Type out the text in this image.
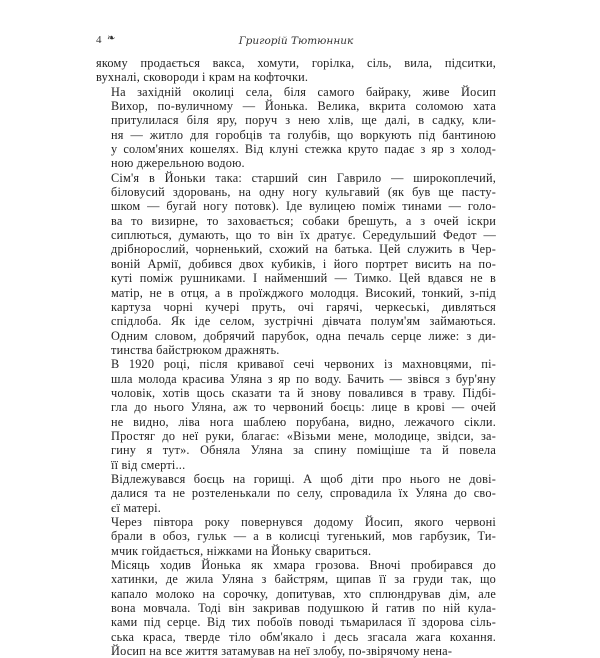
4 ❧	Григорій Тютюнник

якому продається вакса, хомути, горілка, сіль, вила, підситки,
вухналі, сковороди і крам на кофточки.

На західній околиці села, біля самого байраку, живе Йосип
Вихор, по-вуличному — Йонька. Велика, вкрита соломою хата
притулилася біля яру, поруч з нею хлів, ще далі, в садку, кли-
ня — житло для горобців та голубів, що воркують під бантиною
у солом'яних кошелях. Від клуні стежка круто падає з яр з холод-
ною джерельною водою.

Сім'я в Йоньки така: старший син Гаврило — широкоплечий,
біловусий здоровань, на одну ногу кульгавий (як був ще пасту-
шком — бугай ногу потовк). Іде вулицею поміж тинами — голо-
ва то визирне, то заховається; собаки брешуть, а з очей іскри
сиплються, думають, що то він їх дратує. Середульший Федот —
дрібнорослий, чорненький, схожий на батька. Цей служить в Чер-
воній Армії, добився двох кубиків, і його портрет висить на по-
куті поміж рушниками. І найменший — Тимко. Цей вдався не в
матір, не в отця, а в проїжджого молодця. Високий, тонкий, з-під
картуза чорні кучері пруть, очі гарячі, черкеські, дивляться
спідлоба. Як іде селом, зустрічні дівчата полум'ям займаються.
Одним словом, добрячий парубок, одна печаль серце лиже: з ди-
тинства байстрюком дражнять.

В 1920 році, після кривавої сечі червоних із махновцями, пі-
шла молода красива Уляна з яр по воду. Бачить — звівся з бур'яну
чоловік, хотів щось сказати та й знову повалився в траву. Підбі-
гла до нього Уляна, аж то червоний боєць: лице в крові — очей
не видно, ліва нога шаблею порубана, видно, лежачого сікли.
Простяг до неї руки, благає: «Візьми мене, молодице, звідси, за-
гину я тут». Обняла Уляна за спину поміщіше та й повела
її від смерті...

Відлежувався боєць на горищі. А щоб діти про нього не дові-
далися та не розтеленькали по селу, спровадила їх Уляна до сво-
єї матері.

Через півтора року повернувся додому Йосип, якого червоні
брали в обоз, гульк — а в колисці тугенький, мов гарбузик, Ти-
мчик гойдається, ніжками на Йоньку свариться.

Місяць ходив Йонька як хмара грозова. Вночі пробирався до
хатинки, де жила Уляна з байстрям, щипав її за груди так, що
капало молоко на сорочку, допитував, хто сплюндрував дім, але
вона мовчала. Тоді він закривав подушкою й гатив по ній кула-
ками під серце. Від тих побоїв поводі тьмарилася її здорова сіль-
ська краса, тверде тіло обм'якало і десь згасала жага кохання.
Йосип на все життя затамував на неї злобу, по-звірячому нена-
